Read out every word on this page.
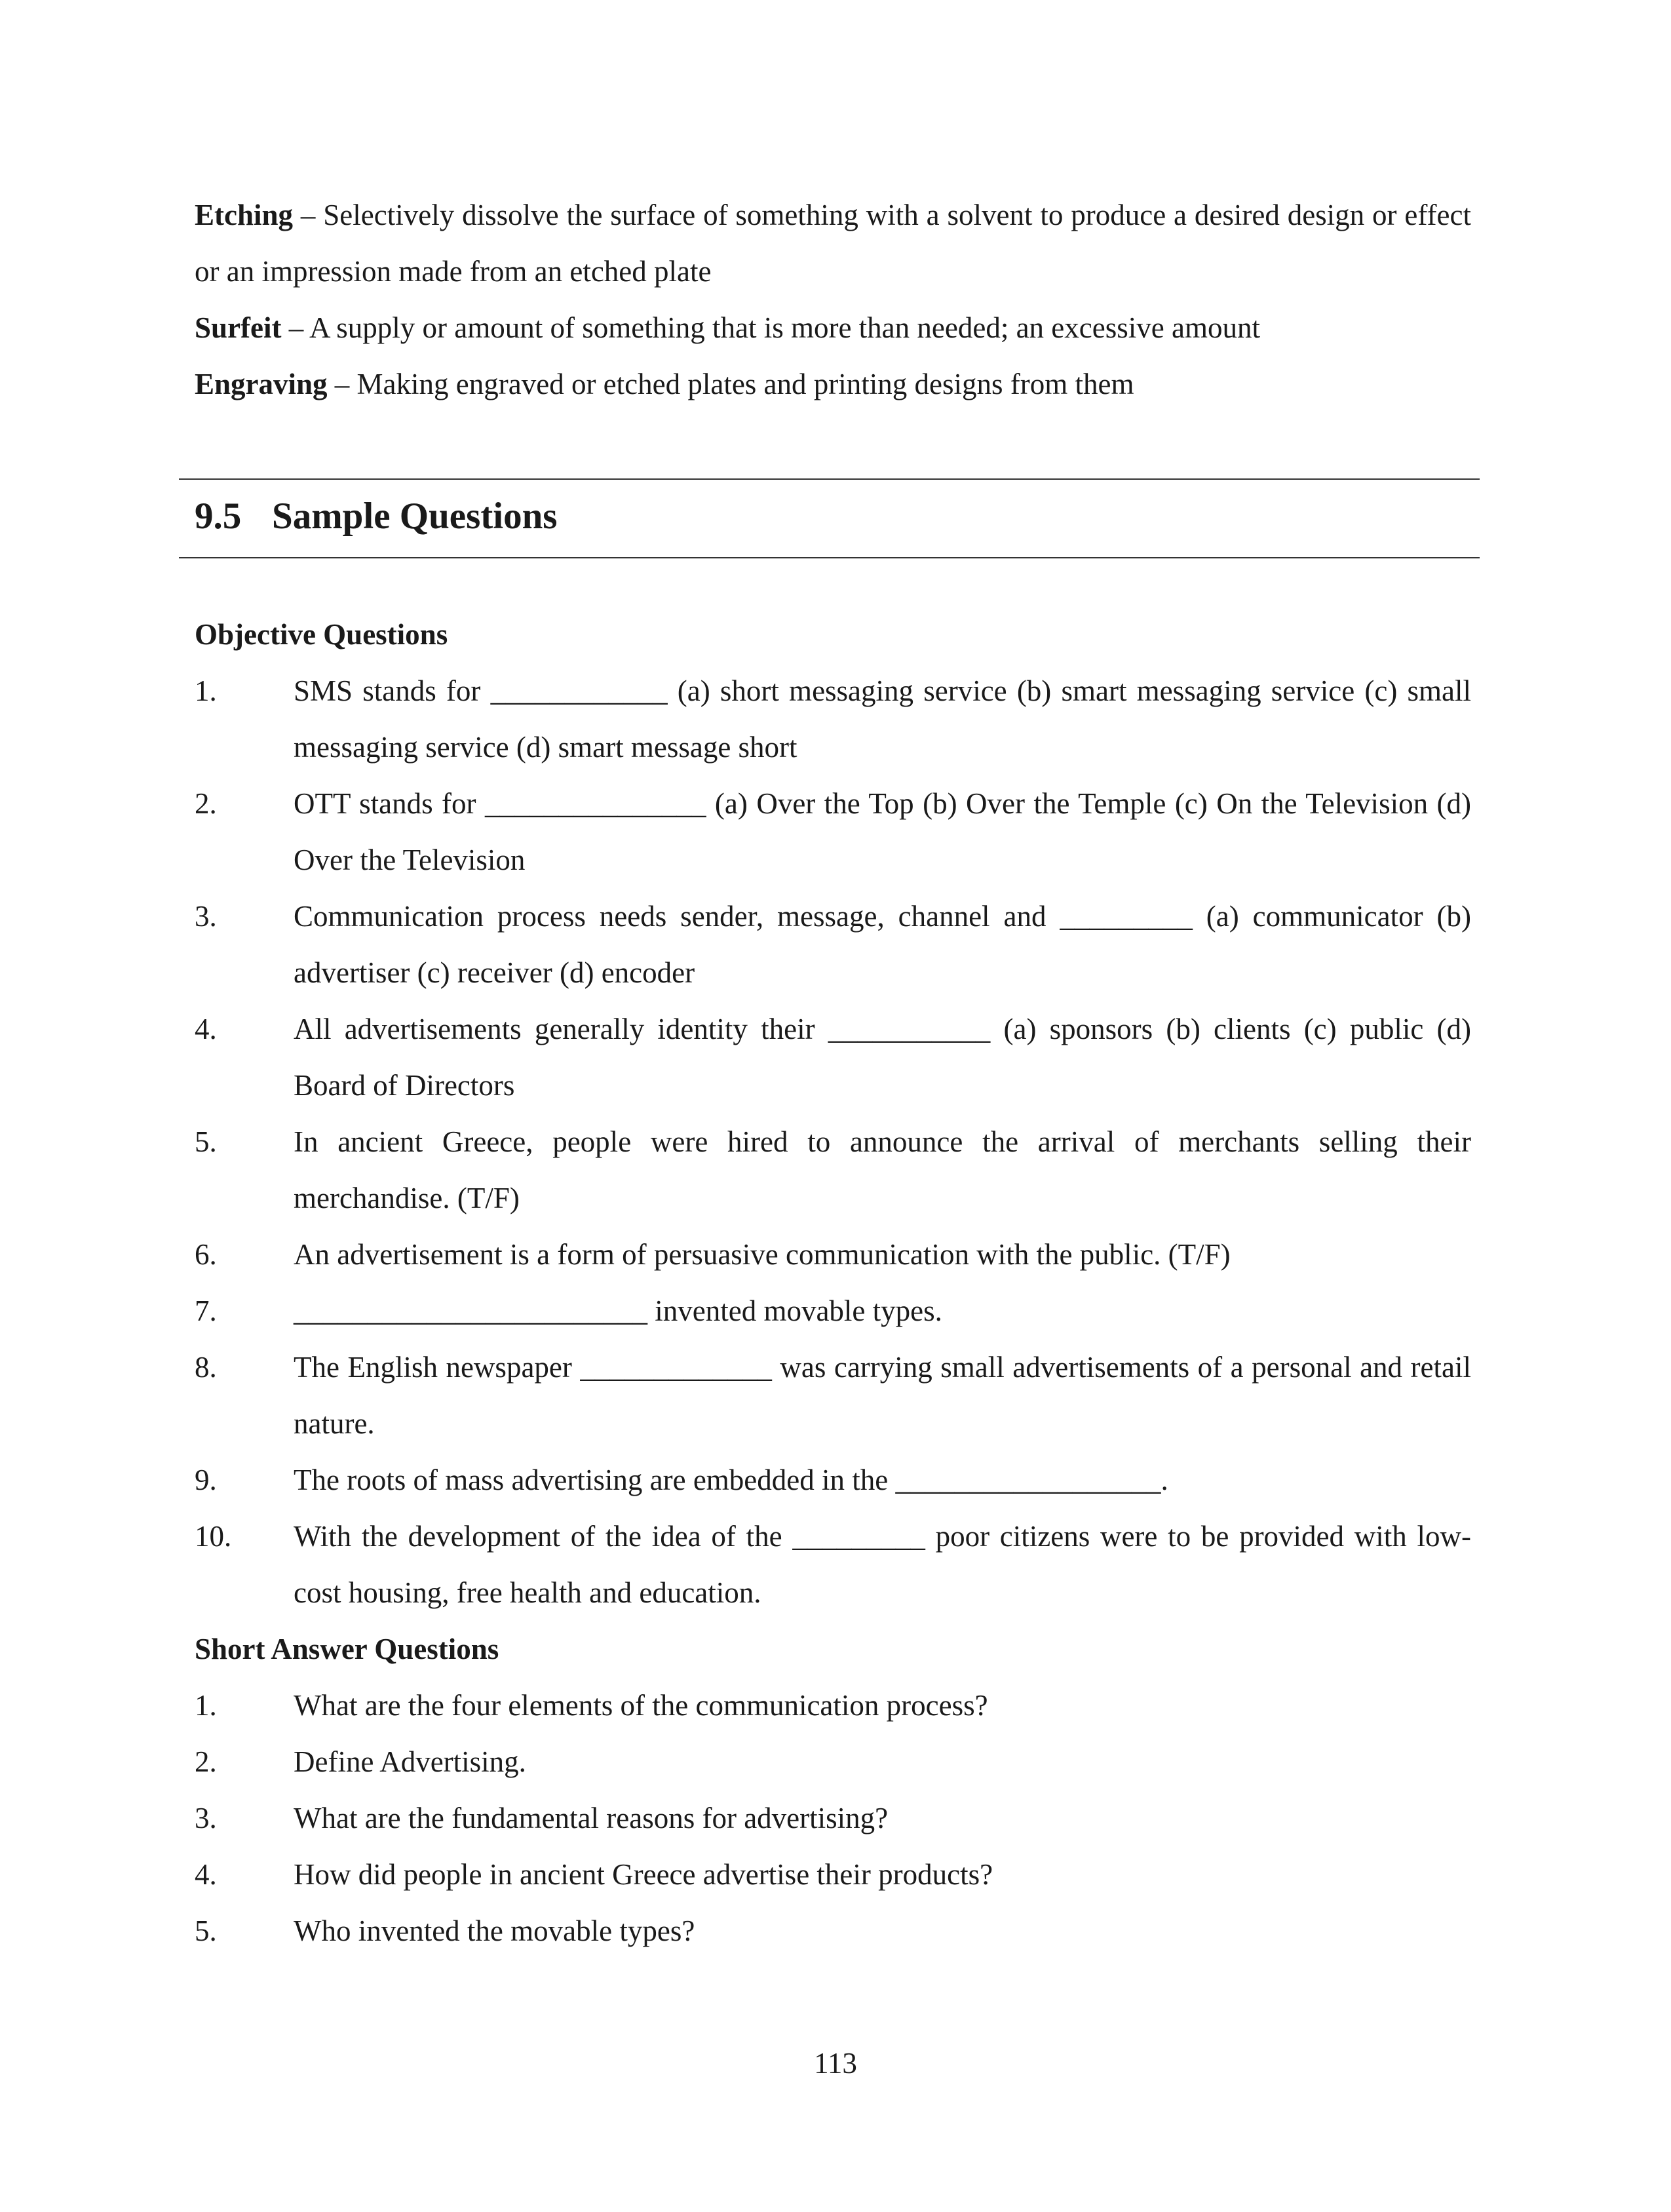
Etching – Selectively dissolve the surface of something with a solvent to produce a desired design or effect or an impression made from an etched plate

Surfeit – A supply or amount of something that is more than needed; an excessive amount

Engraving – Making engraved or etched plates and printing designs from them

9.5 Sample Questions
Objective Questions
1.	SMS stands for ____________ (a) short messaging service (b) smart messaging service (c) small messaging service (d) smart message short
2.	OTT stands for _______________ (a) Over the Top (b) Over the Temple (c) On the Television (d) Over the Television
3.	Communication process needs sender, message, channel and _________ (a) communicator (b) advertiser (c) receiver (d) encoder
4.	All advertisements generally identity their ___________ (a) sponsors (b) clients (c) public (d) Board of Directors
5.	In ancient Greece, people were hired to announce the arrival of merchants selling their merchandise. (T/F)
6.	An advertisement is a form of persuasive communication with the public. (T/F)
7.	________________________ invented movable types.
8.	The English newspaper _____________ was carrying small advertisements of a personal and retail nature.
9.	The roots of mass advertising are embedded in the __________________.
10.	With the development of the idea of the _________ poor citizens were to be provided with low-cost housing, free health and education.
Short Answer Questions
1.	What are the four elements of the communication process?
2.	Define Advertising.
3.	What are the fundamental reasons for advertising?
4.	How did people in ancient Greece advertise their products?
5.	Who invented the movable types?
113
